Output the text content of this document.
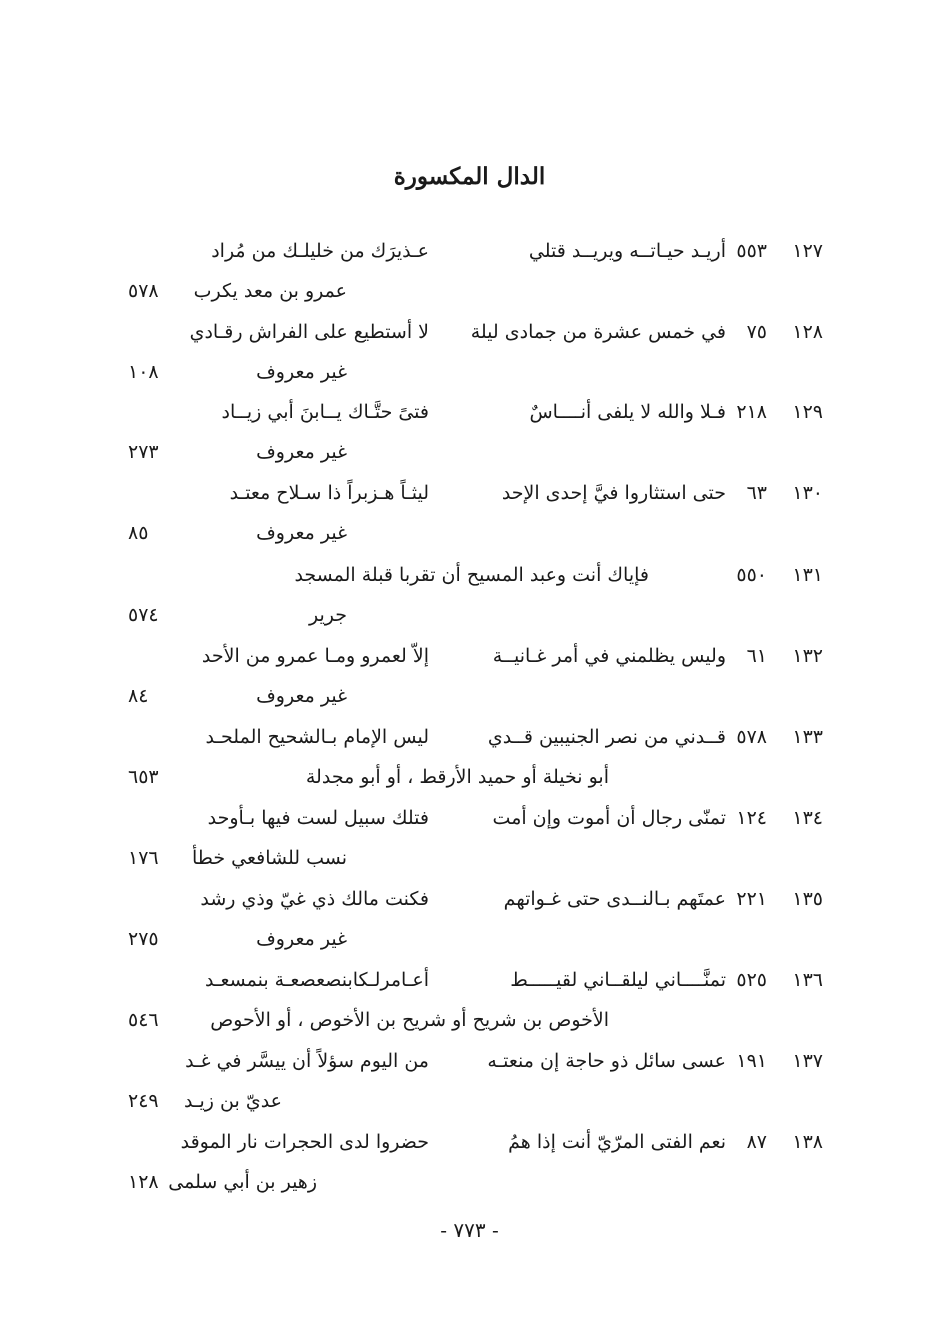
الدال المكسورة
١٢٧
٥٥٣
أريـد حيـاتــه ويريــد قتلي
عـذيرَك من خليلـك من مُراد
عمرو بن معد يكرب
٥٧٨
١٢٨
٧٥
في خمس عشرة من جمادى ليلة
لا أستطيع على الفراش رقـادي
غير معروف
١٠٨
١٢٩
٢١٨
فـلا والله لا يلفى أنــــاسٌ
فتىً حتَّـاك يــابنَ أبي زيــاد
غير معروف
٢٧٣
١٣٠
٦٣
حتى استثاروا فيَّ إحدى الإحد
ليثـاً هـزبراً ذا سـلاح معتـد
غير معروف
٨٥
١٣١
٥٥٠
فإياك أنت وعبد المسيح أن تقربا قبلة المسجد
جرير
٥٧٤
١٣٢
٦١
وليس يظلمني في أمر غـانيــة
إلاّ لعمرو ومـا عمرو من الأحد
غير معروف
٨٤
١٣٣
٥٧٨
قــدني من نصر الجنيبين قــدي
ليس الإمام بـالشحيح الملحـد
أبو نخيلة أو حميد الأرقط ، أو أبو مجدلة
٦٥٣
١٣٤
١٢٤
تمنّى رجال أن أموت وإن أمت
فتلك سبيل لست فيها بـأوحد
نسب للشافعي خطأ
١٧٦
١٣٥
٢٢١
عمتَهم بـالنــدى حتى غـواتهم
فكنت مالك ذي غيّ وذي رشد
غير معروف
٢٧٥
١٣٦
٥٢٥
تمنَّــــاني ليلقــاني لقيـــــط
أعـامرلـكابنصعصعـة بنمسعـد
الأخوص بن شريح أو شريح بن الأخوص ، أو الأحوص
٥٤٦
١٣٧
١٩١
عسى سائل ذو حاجة إن منعتـه
من اليوم سؤلاً أن ييسَّر في غـد
عديّ بن زيـد
٢٤٩
١٣٨
٨٧
نعم الفتى المرّيّ أنت إذا همُ
حضروا لدى الحجرات نار الموقد
زهير بن أبي سلمى
١٢٨
- ٧٧٣ -
